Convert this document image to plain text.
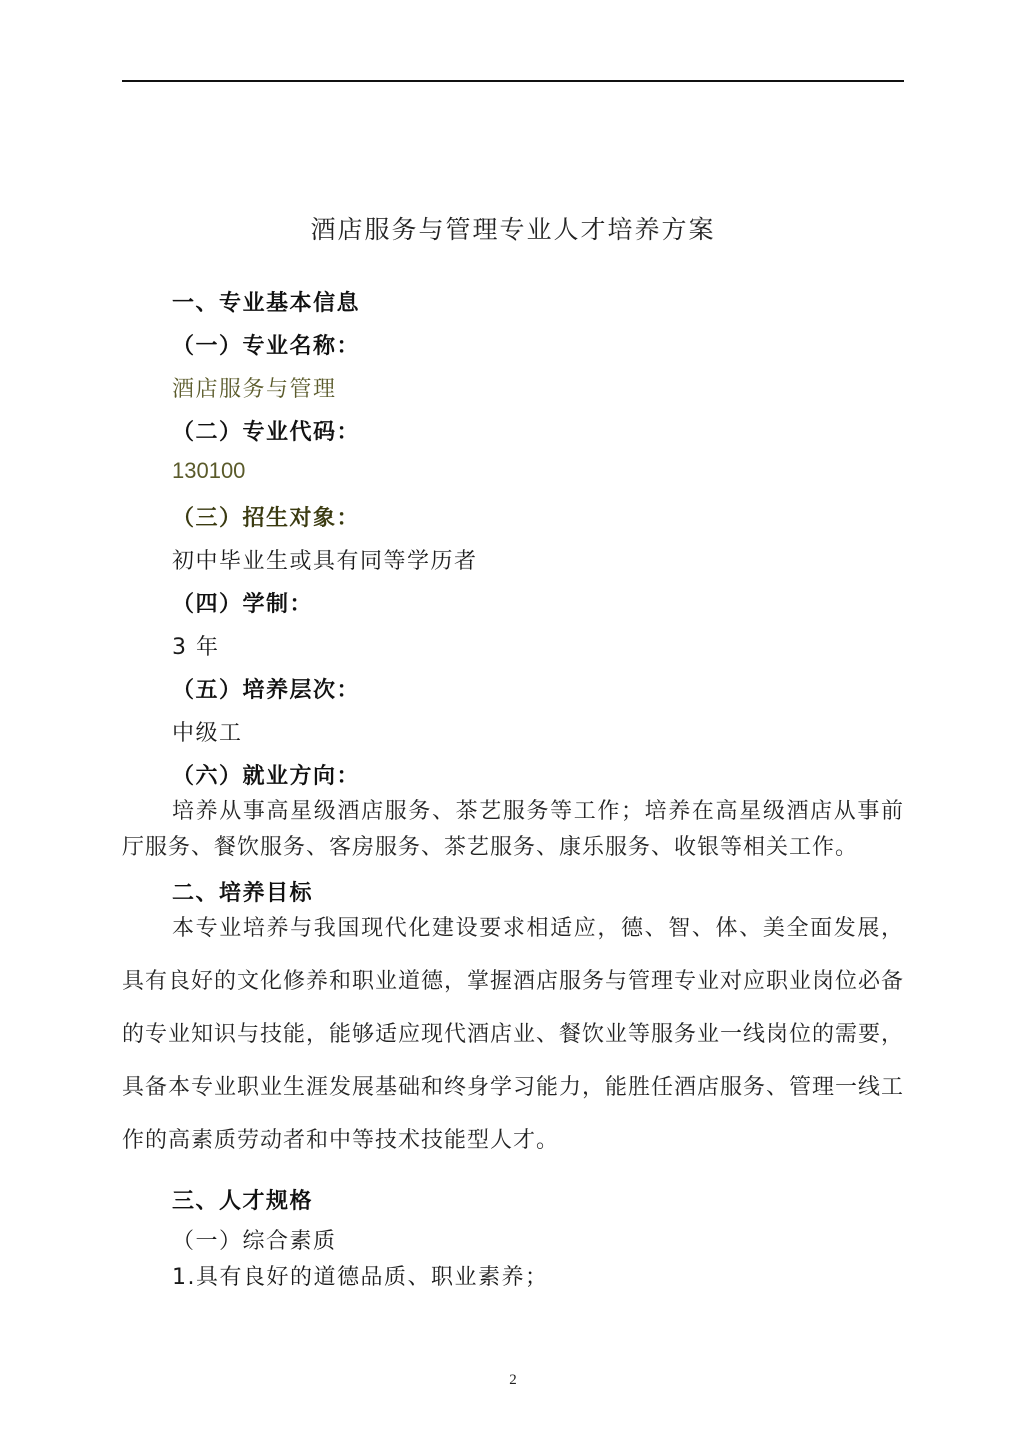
酒店服务与管理专业人才培养方案
一、专业基本信息
（一）专业名称：
酒店服务与管理
（二）专业代码：
130100
（三）招生对象：
初中毕业生或具有同等学历者
（四）学制：
3 年
（五）培养层次：
中级工
（六）就业方向：
培养从事高星级酒店服务、茶艺服务等工作；培养在高星级酒店从事前厅服务、餐饮服务、客房服务、茶艺服务、康乐服务、收银等相关工作。
二、培养目标
本专业培养与我国现代化建设要求相适应，德、智、体、美全面发展，具有良好的文化修养和职业道德，掌握酒店服务与管理专业对应职业岗位必备的专业知识与技能，能够适应现代酒店业、餐饮业等服务业一线岗位的需要，具备本专业职业生涯发展基础和终身学习能力，能胜任酒店服务、管理一线工作的高素质劳动者和中等技术技能型人才。
三、人才规格
（一）综合素质
1.具有良好的道德品质、职业素养；
2
